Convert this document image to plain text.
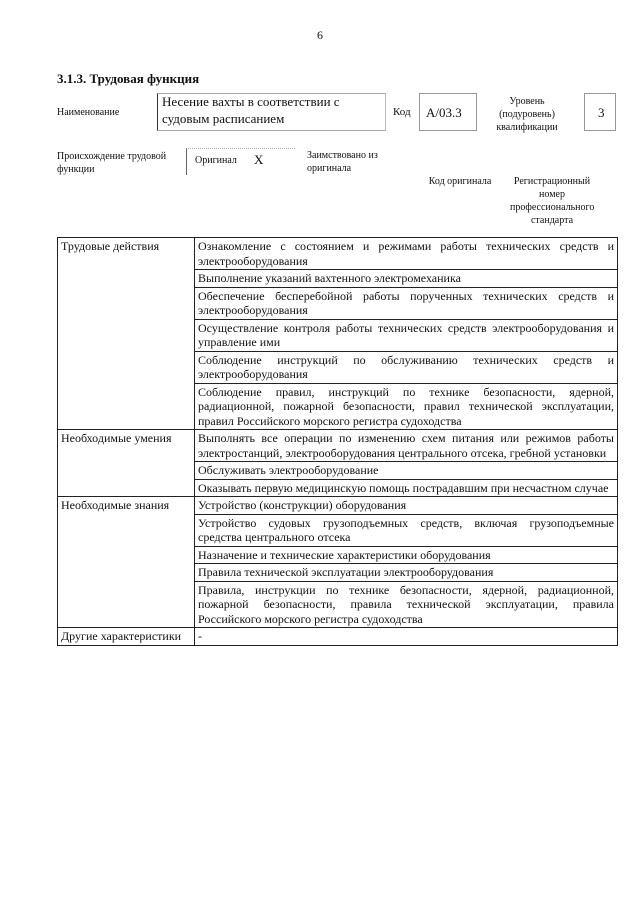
6
3.1.3. Трудовая функция
Наименование
Несение вахты в соответствии с судовым расписанием	Код A/03.3
Уровень (подуровень) квалификации
3
Происхождение трудовой функции
Оригинал X	Заимствовано из оригинала
Код оригинала	Регистрационный номер профессионального стандарта
Трудовые действия	Ознакомление с состоянием и режимами работы технических средств и электрооборудования
	Выполнение указаний вахтенного электромеханика
	Обеспечение бесперебойной работы порученных технических средств и электрооборудования
	Осуществление контроля работы технических средств электрооборудования и управление ими
	Соблюдение инструкций по обслуживанию технических средств и электрооборудования
	Соблюдение правил, инструкций по технике безопасности, ядерной, радиационной, пожарной безопасности, правил технической эксплуатации, правил Российского морского регистра судоходства
Необходимые умения	Выполнять все операции по изменению схем питания или режимов работы электростанций, электрооборудования центрального отсека, гребной установки
	Обслуживать электрооборудование
	Оказывать первую медицинскую помощь пострадавшим при несчастном случае
Необходимые знания	Устройство (конструкции) оборудования
	Устройство судовых грузоподъемных средств, включая грузоподъемные средства центрального отсека
	Назначение и технические характеристики оборудования
	Правила технической эксплуатации электрооборудования
	Правила, инструкции по технике безопасности, ядерной, радиационной, пожарной безопасности, правила технической эксплуатации, правила Российского морского регистра судоходства
Другие характеристики	-
